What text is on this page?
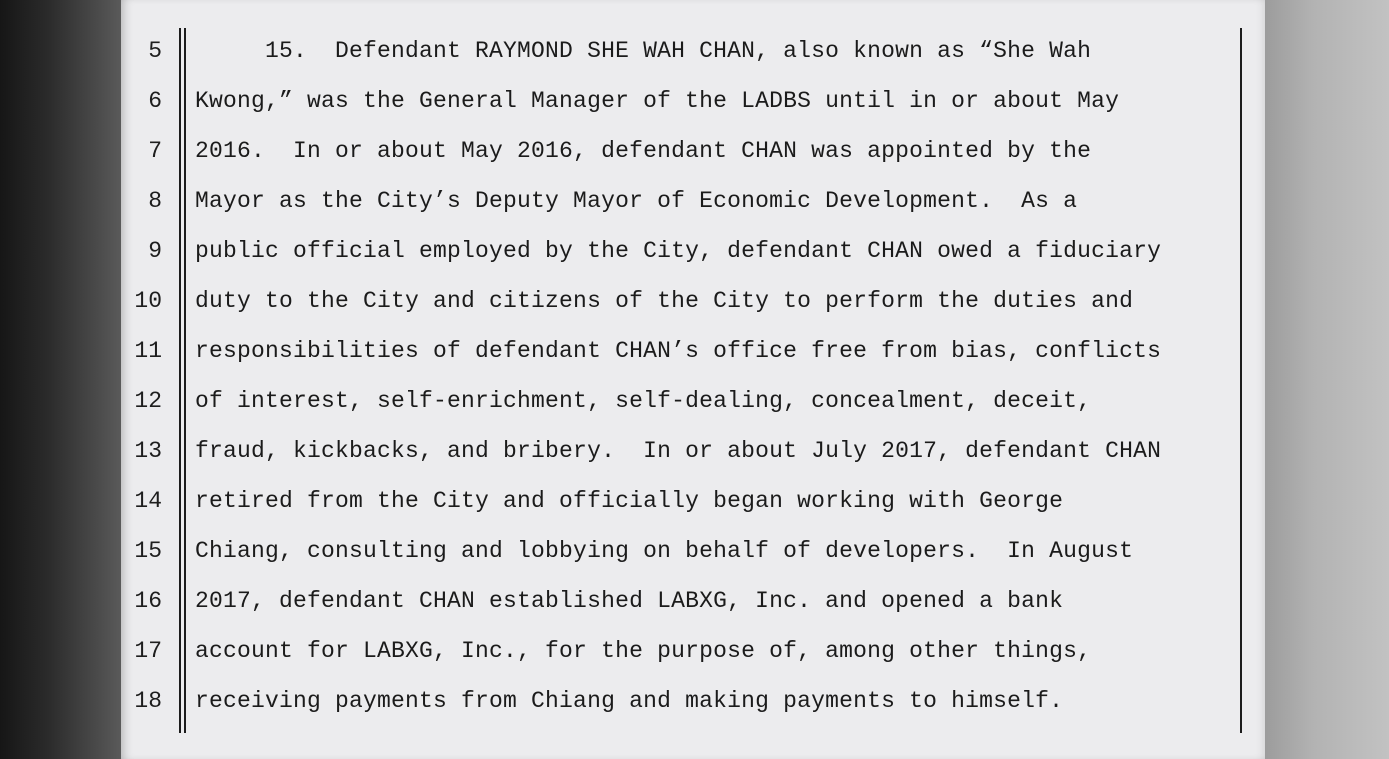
5 15.  Defendant RAYMOND SHE WAH CHAN, also known as “She Wah
6 Kwong,” was the General Manager of the LADBS until in or about May
7 2016.  In or about May 2016, defendant CHAN was appointed by the
8 Mayor as the City’s Deputy Mayor of Economic Development.  As a
9 public official employed by the City, defendant CHAN owed a fiduciary
10 duty to the City and citizens of the City to perform the duties and
11 responsibilities of defendant CHAN’s office free from bias, conflicts
12 of interest, self-enrichment, self-dealing, concealment, deceit,
13 fraud, kickbacks, and bribery.  In or about July 2017, defendant CHAN
14 retired from the City and officially began working with George
15 Chiang, consulting and lobbying on behalf of developers.  In August
16 2017, defendant CHAN established LABXG, Inc. and opened a bank
17 account for LABXG, Inc., for the purpose of, among other things,
18 receiving payments from Chiang and making payments to himself.
